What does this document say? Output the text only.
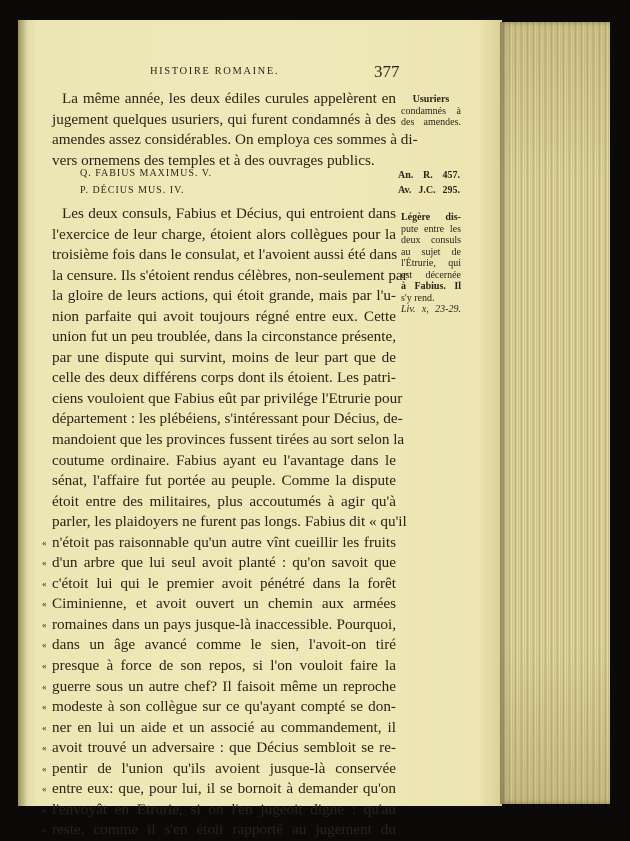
HISTOIRE ROMAINE.	377
La même année, les deux édiles curules appelèrent en
jugement quelques usuriers, qui furent condamnés à des
amendes assez considérables. On employa ces sommes à di-
vers ornemens des temples et à des ouvrages publics.
Q. FABIUS MAXIMUS. V.
P. DÉCIUS MUS. IV.
An. R. 457.
Av. J.C. 295.
Usuriers
condamnés à
des amendes.
Légère dis-
pute entre les
deux consuls
au sujet de
l'Étrurie, qui
est décernée
à Fabius. Il
s'y rend.
Liv. x, 23-29.
Les deux consuls, Fabius et Décius, qui entroient dans
l'exercice de leur charge, étoient alors collègues pour la
troisième fois dans le consulat, et l'avoient aussi été dans
la censure. Ils s'étoient rendus célèbres, non-seulement par
la gloire de leurs actions, qui étoit grande, mais par l'u-
nion parfaite qui avoit toujours régné entre eux. Cette
union fut un peu troublée, dans la circonstance présente,
par une dispute qui survint, moins de leur part que de
celle des deux différens corps dont ils étoient. Les patri-
ciens vouloient que Fabius eût par privilége l'Etrurie pour
département : les plébéiens, s'intéressant pour Décius, de-
mandoient que les provinces fussent tirées au sort selon la
coutume ordinaire. Fabius ayant eu l'avantage dans le
sénat, l'affaire fut portée au peuple. Comme la dispute
étoit entre des militaires, plus accoutumés à agir qu'à
parler, les plaidoyers ne furent pas longs. Fabius dit « qu'il
« n'étoit pas raisonnable qu'un autre vînt cueillir les fruits
« d'un arbre que lui seul avoit planté : qu'on savoit que
« c'étoit lui qui le premier avoit pénétré dans la forêt
« Ciminienne, et avoit ouvert un chemin aux armées
« romaines dans un pays jusque-là inaccessible. Pourquoi,
« dans un âge avancé comme le sien, l'avoit-on tiré
« presque à force de son repos, si l'on vouloit faire la
« guerre sous un autre chef? Il faisoit même un reproche
« modeste à son collègue sur ce qu'ayant compté se don-
« ner en lui un aide et un associé au commandement, il
« avoit trouvé un adversaire : que Décius sembloit se re-
« pentir de l'union qu'ils avoient jusque-là conservée
« entre eux: que, pour lui, il se bornoit à demander qu'on
« l'envoyât en Etrurie, si on l'en jugeoit digne : qu'au
« reste, comme il s'en étoit rapporté au jugement du
